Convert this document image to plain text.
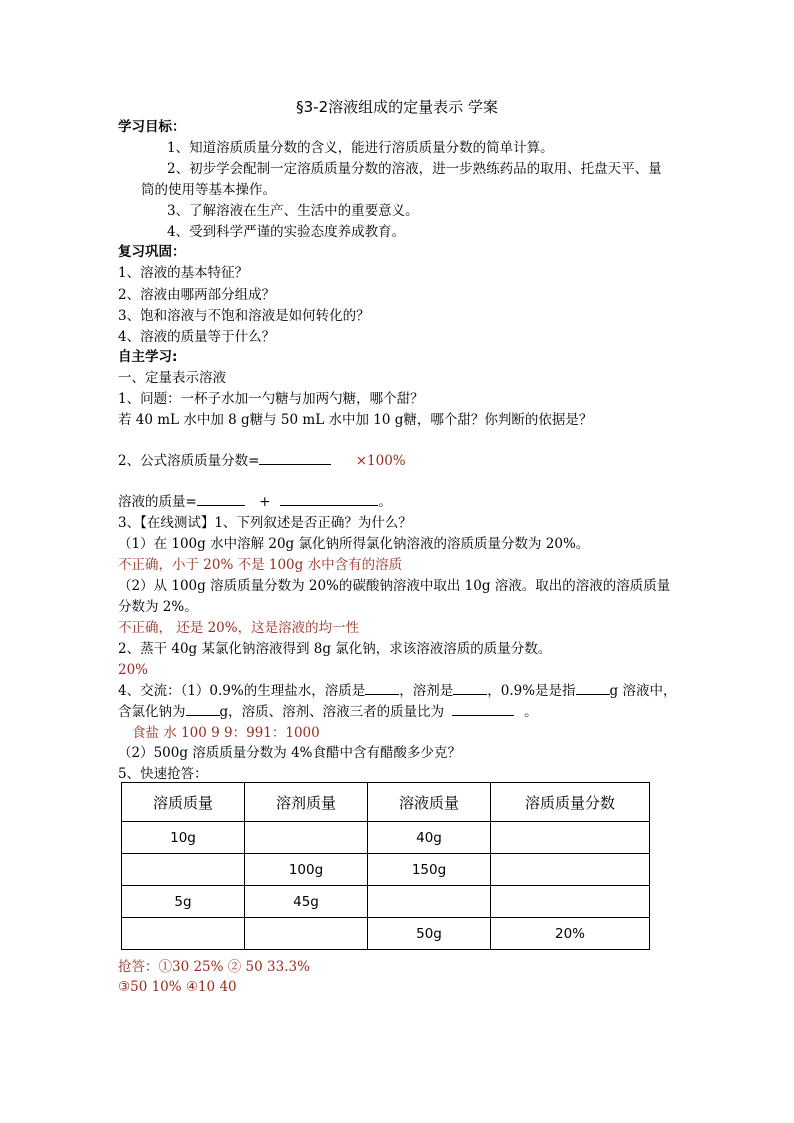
§3-2溶液组成的定量表示 学案
学习目标：
1、知道溶质质量分数的含义，能进行溶质质量分数的简单计算。
2、初步学会配制一定溶质质量分数的溶液，进一步熟练药品的取用、托盘天平、量
筒的使用等基本操作。
3、了解溶液在生产、生活中的重要意义。
4、受到科学严谨的实验态度养成教育。
复习巩固：
1、溶液的基本特征？
2、溶液由哪两部分组成？
3、饱和溶液与不饱和溶液是如何转化的？
4、溶液的质量等于什么？
自主学习:
一、定量表示溶液
1、问题：一杯子水加一勺糖与加两勺糖，哪个甜？
若 40 mL 水中加 8 g糖与 50 mL 水中加 10 g糖，哪个甜？你判断的依据是？
2、公式溶质质量分数=	×100%
溶液的质量=	+	。
3、【在线测试】1、下列叙述是否正确？为什么？
（1）在 100g 水中溶解 20g 氯化钠所得氯化钠溶液的溶质质量分数为 20%。
不正确，小于 20% 不是 100g 水中含有的溶质
（2）从 100g 溶质质量分数为 20%的碳酸钠溶液中取出 10g 溶液。取出的溶液的溶质质量
分数为 2%。
不正确， 还是 20%，这是溶液的均一性
2、蒸干 40g 某氯化钠溶液得到 8g 氯化钠，求该溶液溶质的质量分数。
20%
4、交流：（1）0.9%的生理盐水，溶质是	，溶剂是	，0.9%是是指	g 溶液中，
含氯化钠为	g，溶质、溶剂、溶液三者的质量比为	。
食盐 水 100 9 9：991：1000
（2）500g 溶质质量分数为 4%食醋中含有醋酸多少克？
5、快速抢答：
溶质质量	溶剂质量	溶液质量	溶质质量分数
10g		40g	
	100g	150g	
5g	45g		
		50g	20%
抢答：①30 25% ② 50 33.3%
③50 10% ④10 40
